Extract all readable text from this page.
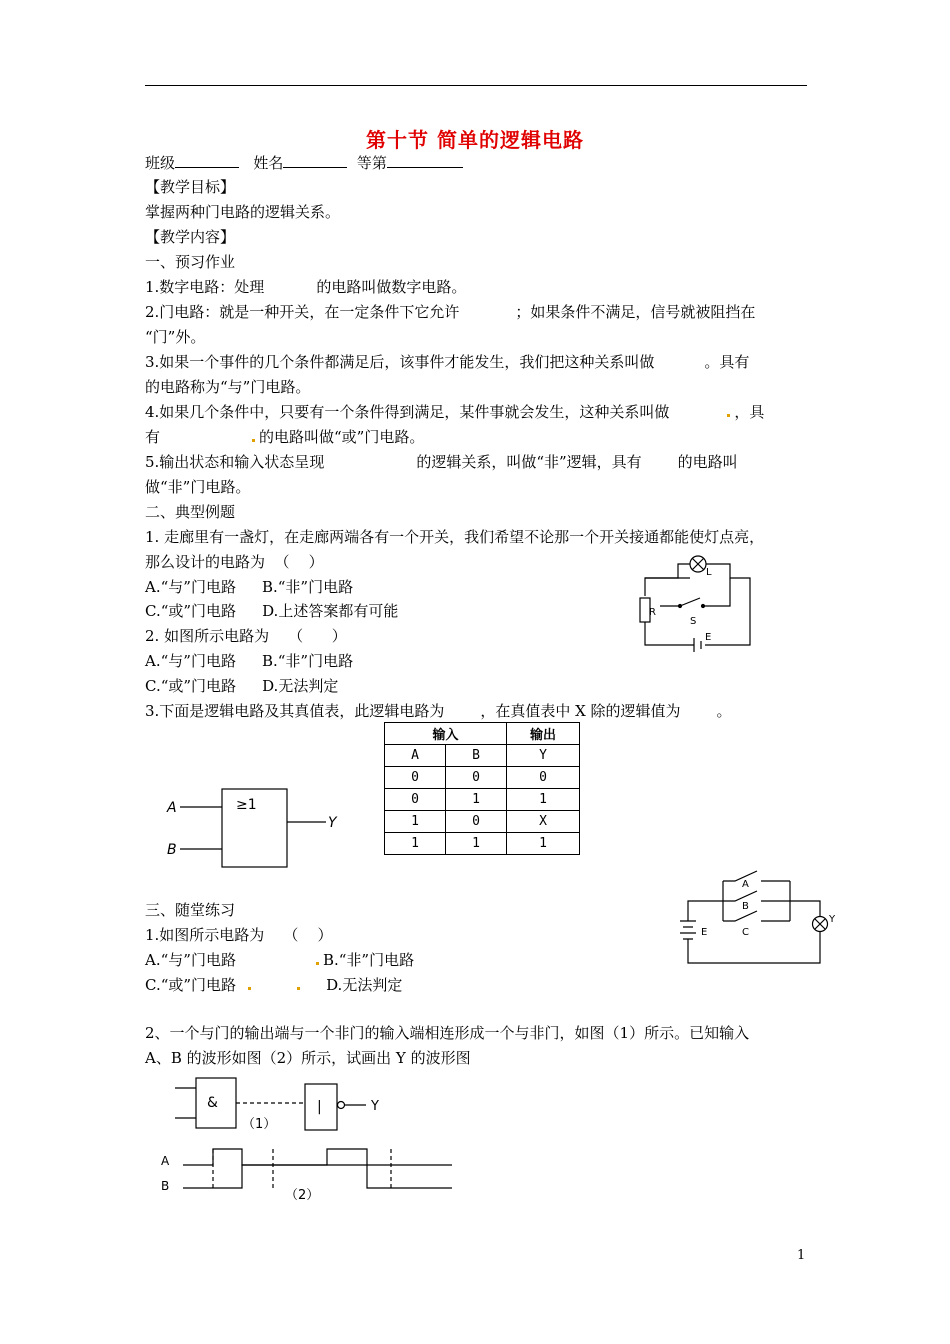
第十节 简单的逻辑电路
班级	姓名	等第
【教学目标】
掌握两种门电路的逻辑关系。
【教学内容】
一、预习作业
1.数字电路：处理	的电路叫做数字电路。
2.门电路：就是一种开关，在一定条件下它允许	；如果条件不满足，信号就被阻挡在
“门”外。
3.如果一个事件的几个条件都满足后，该事件才能发生，我们把这种关系叫做	。具有
的电路称为“与”门电路。
4.如果几个条件中，只要有一个条件得到满足，某件事就会发生，这种关系叫做	，具
有	的电路叫做“或”门电路。
5.输出状态和输入状态呈现	的逻辑关系，叫做“非”逻辑，具有 的电路叫
做“非”门电路。
二、典型例题
1. 走廊里有一盏灯，在走廊两端各有一个开关，我们希望不论那一个开关接通都能使灯点亮，
那么设计的电路为  （    ）
A.“与”门电路 B.“非”门电路
C.“或”门电路 D.上述答案都有可能
2. 如图所示电路为    （      ）
A.“与”门电路 B.“非”门电路
C.“或”门电路 D.无法判定
3.下面是逻辑电路及其真值表，此逻辑电路为 ，在真值表中 X 除的逻辑值为 。
L
S
R
E
≥1
A
B
Y
输入		输出
A	B	Y
0	0	0
0	1	1
1	0	X
1	1	1
A
B
C
E
Y
三、随堂练习
1.如图所示电路为    （    ）
A.“与”门电路	B.“非”门电路
C.“或”门电路	D.无法判定
2、一个与门的输出端与一个非门的输入端相连形成一个与非门，如图（1）所示。已知输入
A、B 的波形如图（2）所示，试画出 Y 的波形图
&	|	Y
（1）
A
B
（2）
1
